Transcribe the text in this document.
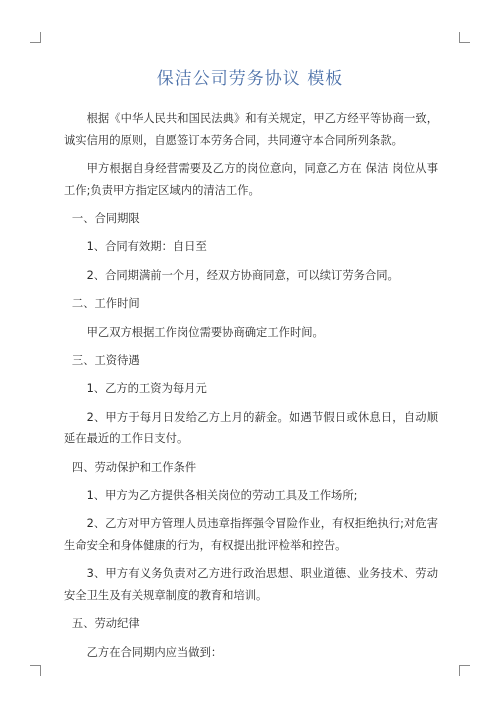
保洁公司劳务协议 模板

根据《中华人民共和国民法典》和有关规定，甲乙方经平等协商一致，诚实信用的原则，自愿签订本劳务合同，共同遵守本合同所列条款。

甲方根据自身经营需要及乙方的岗位意向，同意乙方在 保洁 岗位从事工作;负责甲方指定区域内的清洁工作。

一、合同期限

1、合同有效期：自日至

2、合同期满前一个月，经双方协商同意，可以续订劳务合同。

二、工作时间

甲乙双方根据工作岗位需要协商确定工作时间。

三、工资待遇

1、乙方的工资为每月元

2、甲方于每月日发给乙方上月的薪金。如遇节假日或休息日，自动顺延在最近的工作日支付。

四、劳动保护和工作条件

1、甲方为乙方提供各相关岗位的劳动工具及工作场所;

2、乙方对甲方管理人员违章指挥强令冒险作业，有权拒绝执行;对危害生命安全和身体健康的行为，有权提出批评检举和控告。

3、甲方有义务负责对乙方进行政治思想、职业道德、业务技术、劳动安全卫生及有关规章制度的教育和培训。

五、劳动纪律

乙方在合同期内应当做到：
